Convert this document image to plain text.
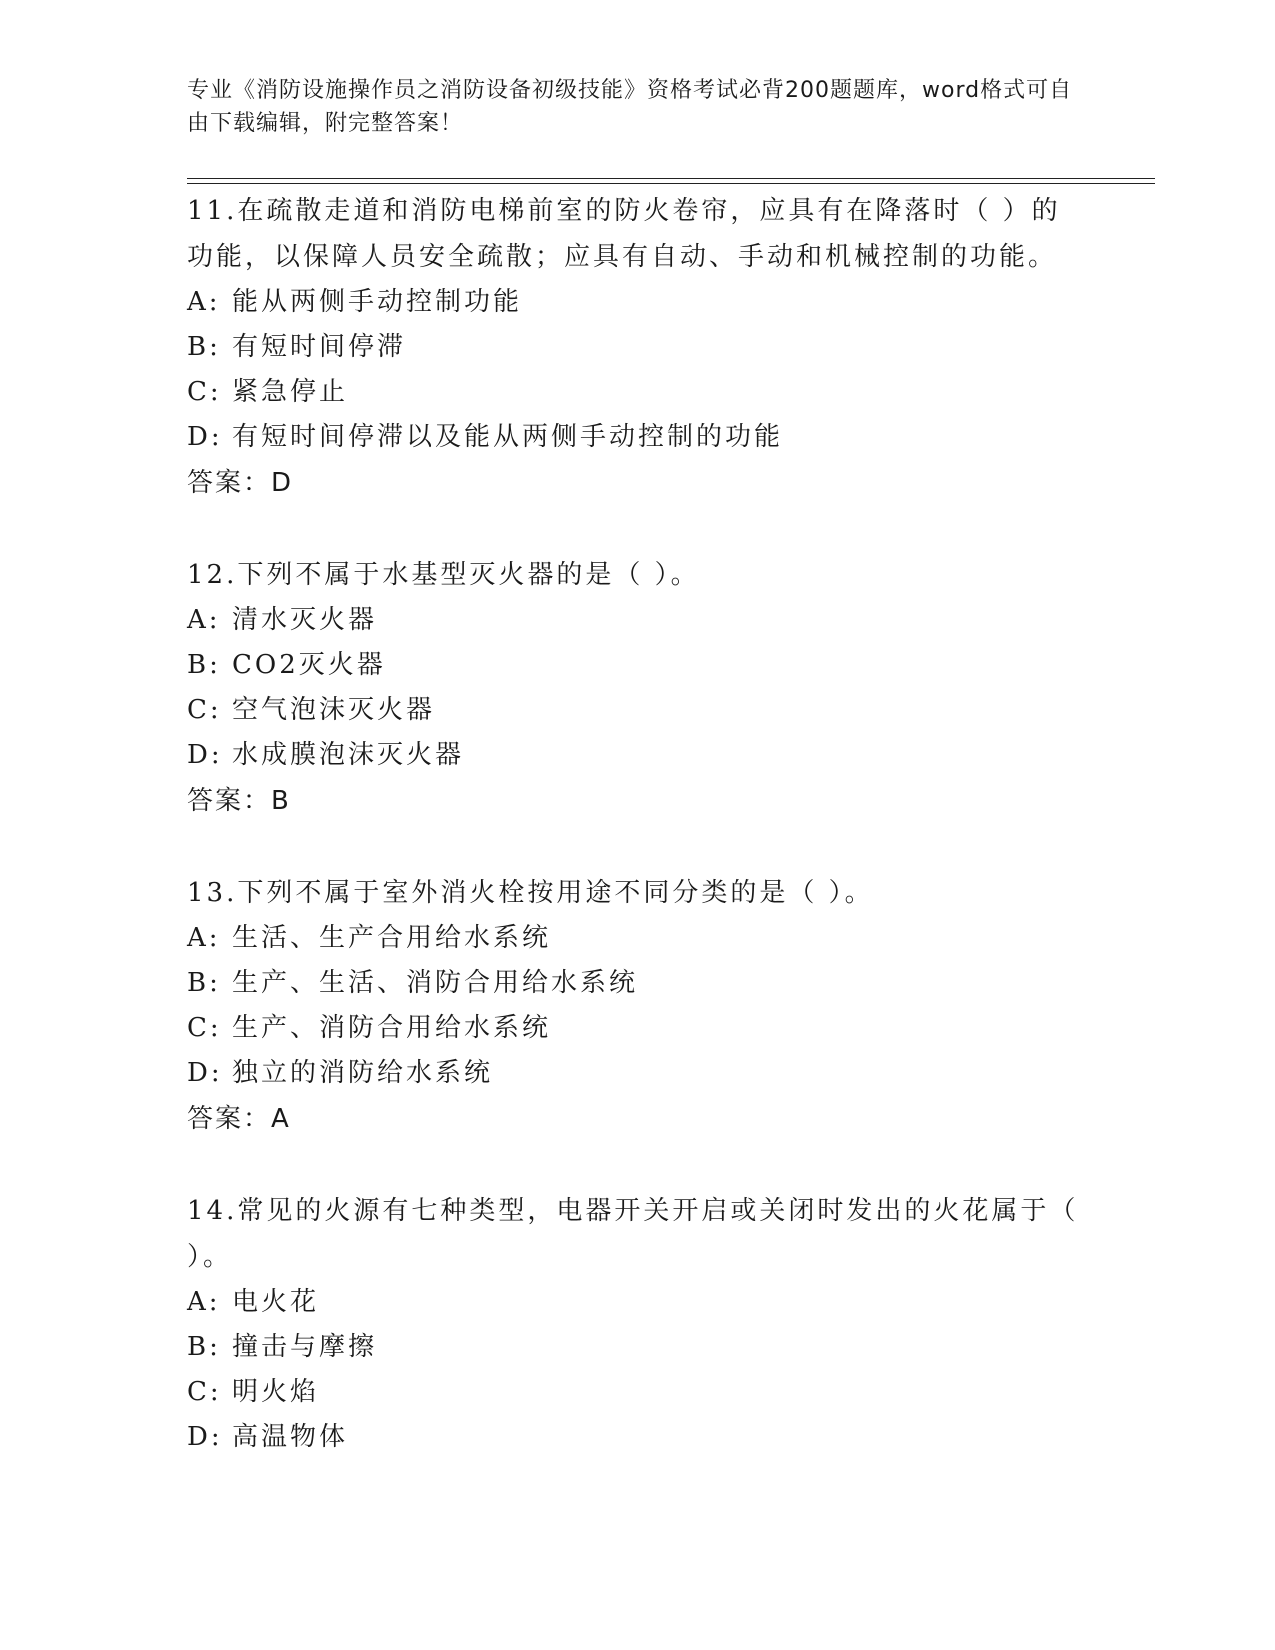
专业《消防设施操作员之消防设备初级技能》资格考试必背200题题库，word格式可自由下载编辑，附完整答案！
11.在疏散走道和消防电梯前室的防火卷帘，应具有在降落时（ ）的功能，以保障人员安全疏散；应具有自动、手动和机械控制的功能。
A: 能从两侧手动控制功能
B: 有短时间停滞
C: 紧急停止
D: 有短时间停滞以及能从两侧手动控制的功能
答案：D
12.下列不属于水基型灭火器的是（ ）。
A: 清水灭火器
B: CO2灭火器
C: 空气泡沫灭火器
D: 水成膜泡沫灭火器
答案：B
13.下列不属于室外消火栓按用途不同分类的是（ ）。
A: 生活、生产合用给水系统
B: 生产、生活、消防合用给水系统
C: 生产、消防合用给水系统
D: 独立的消防给水系统
答案：A
14.常见的火源有七种类型，电器开关开启或关闭时发出的火花属于（ ）。
A: 电火花
B: 撞击与摩擦
C: 明火焰
D: 高温物体
